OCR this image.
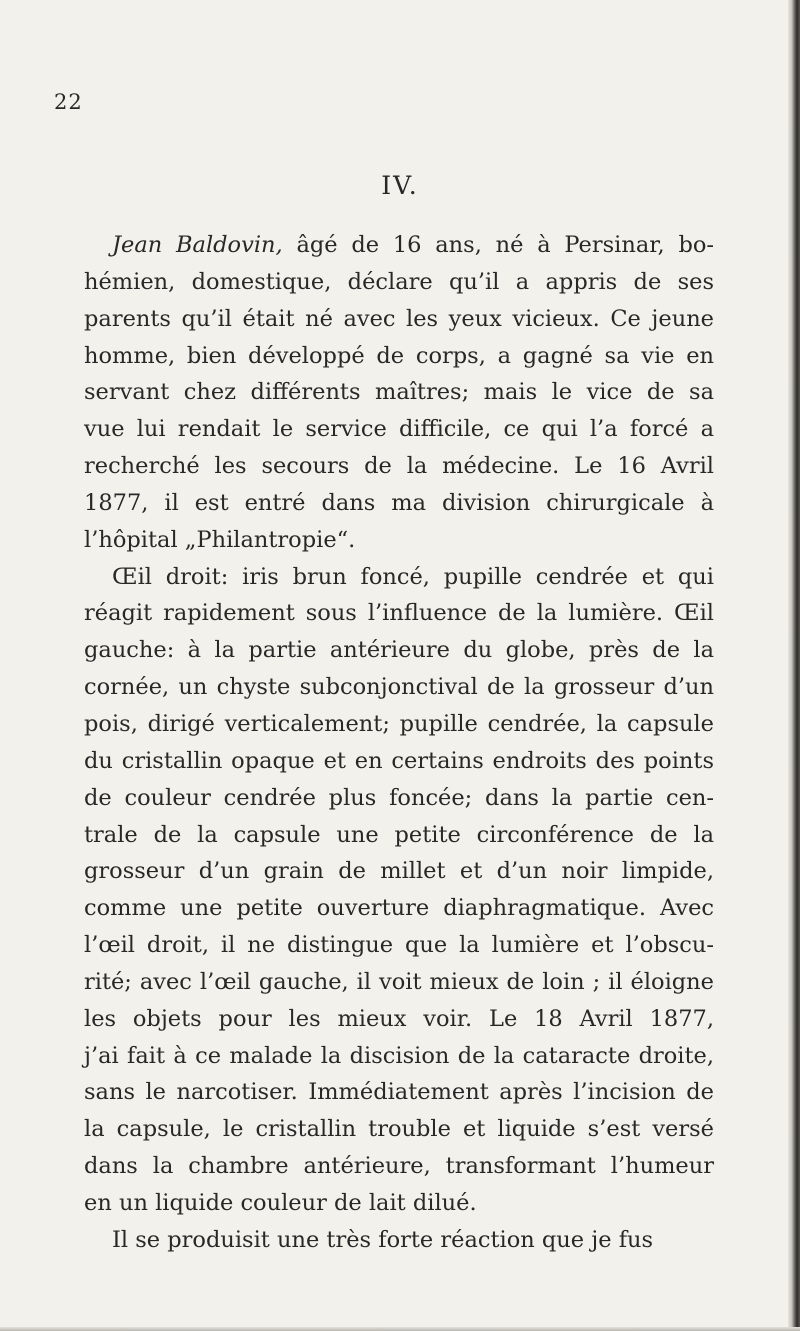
22

IV.
Jean Baldovin, âgé de 16 ans, né à Persinar, bo-
hémien, domestique, déclare qu’il a appris de ses
parents qu’il était né avec les yeux vicieux. Ce jeune
homme, bien développé de corps, a gagné sa vie en
servant chez différents maîtres; mais le vice de sa
vue lui rendait le service difficile, ce qui l’a forcé a
recherché les secours de la médecine. Le 16 Avril
1877, il est entré dans ma division chirurgicale à
l’hôpital „Philantropie“.
Œil droit: iris brun foncé, pupille cendrée et qui
réagit rapidement sous l’influence de la lumière. Œil
gauche: à la partie antérieure du globe, près de la
cornée, un chyste subconjonctival de la grosseur d’un
pois, dirigé verticalement; pupille cendrée, la capsule
du cristallin opaque et en certains endroits des points
de couleur cendrée plus foncée; dans la partie cen-
trale de la capsule une petite circonférence de la
grosseur d’un grain de millet et d’un noir limpide,
comme une petite ouverture diaphragmatique. Avec
l’œil droit, il ne distingue que la lumière et l’obscu-
rité; avec l’œil gauche, il voit mieux de loin ; il éloigne
les objets pour les mieux voir. Le 18 Avril 1877,
j’ai fait à ce malade la discision de la cataracte droite,
sans le narcotiser. Immédiatement après l’incision de
la capsule, le cristallin trouble et liquide s’est versé
dans la chambre antérieure, transformant l’humeur
en un liquide couleur de lait dilué.
Il se produisit une très forte réaction que je fus
